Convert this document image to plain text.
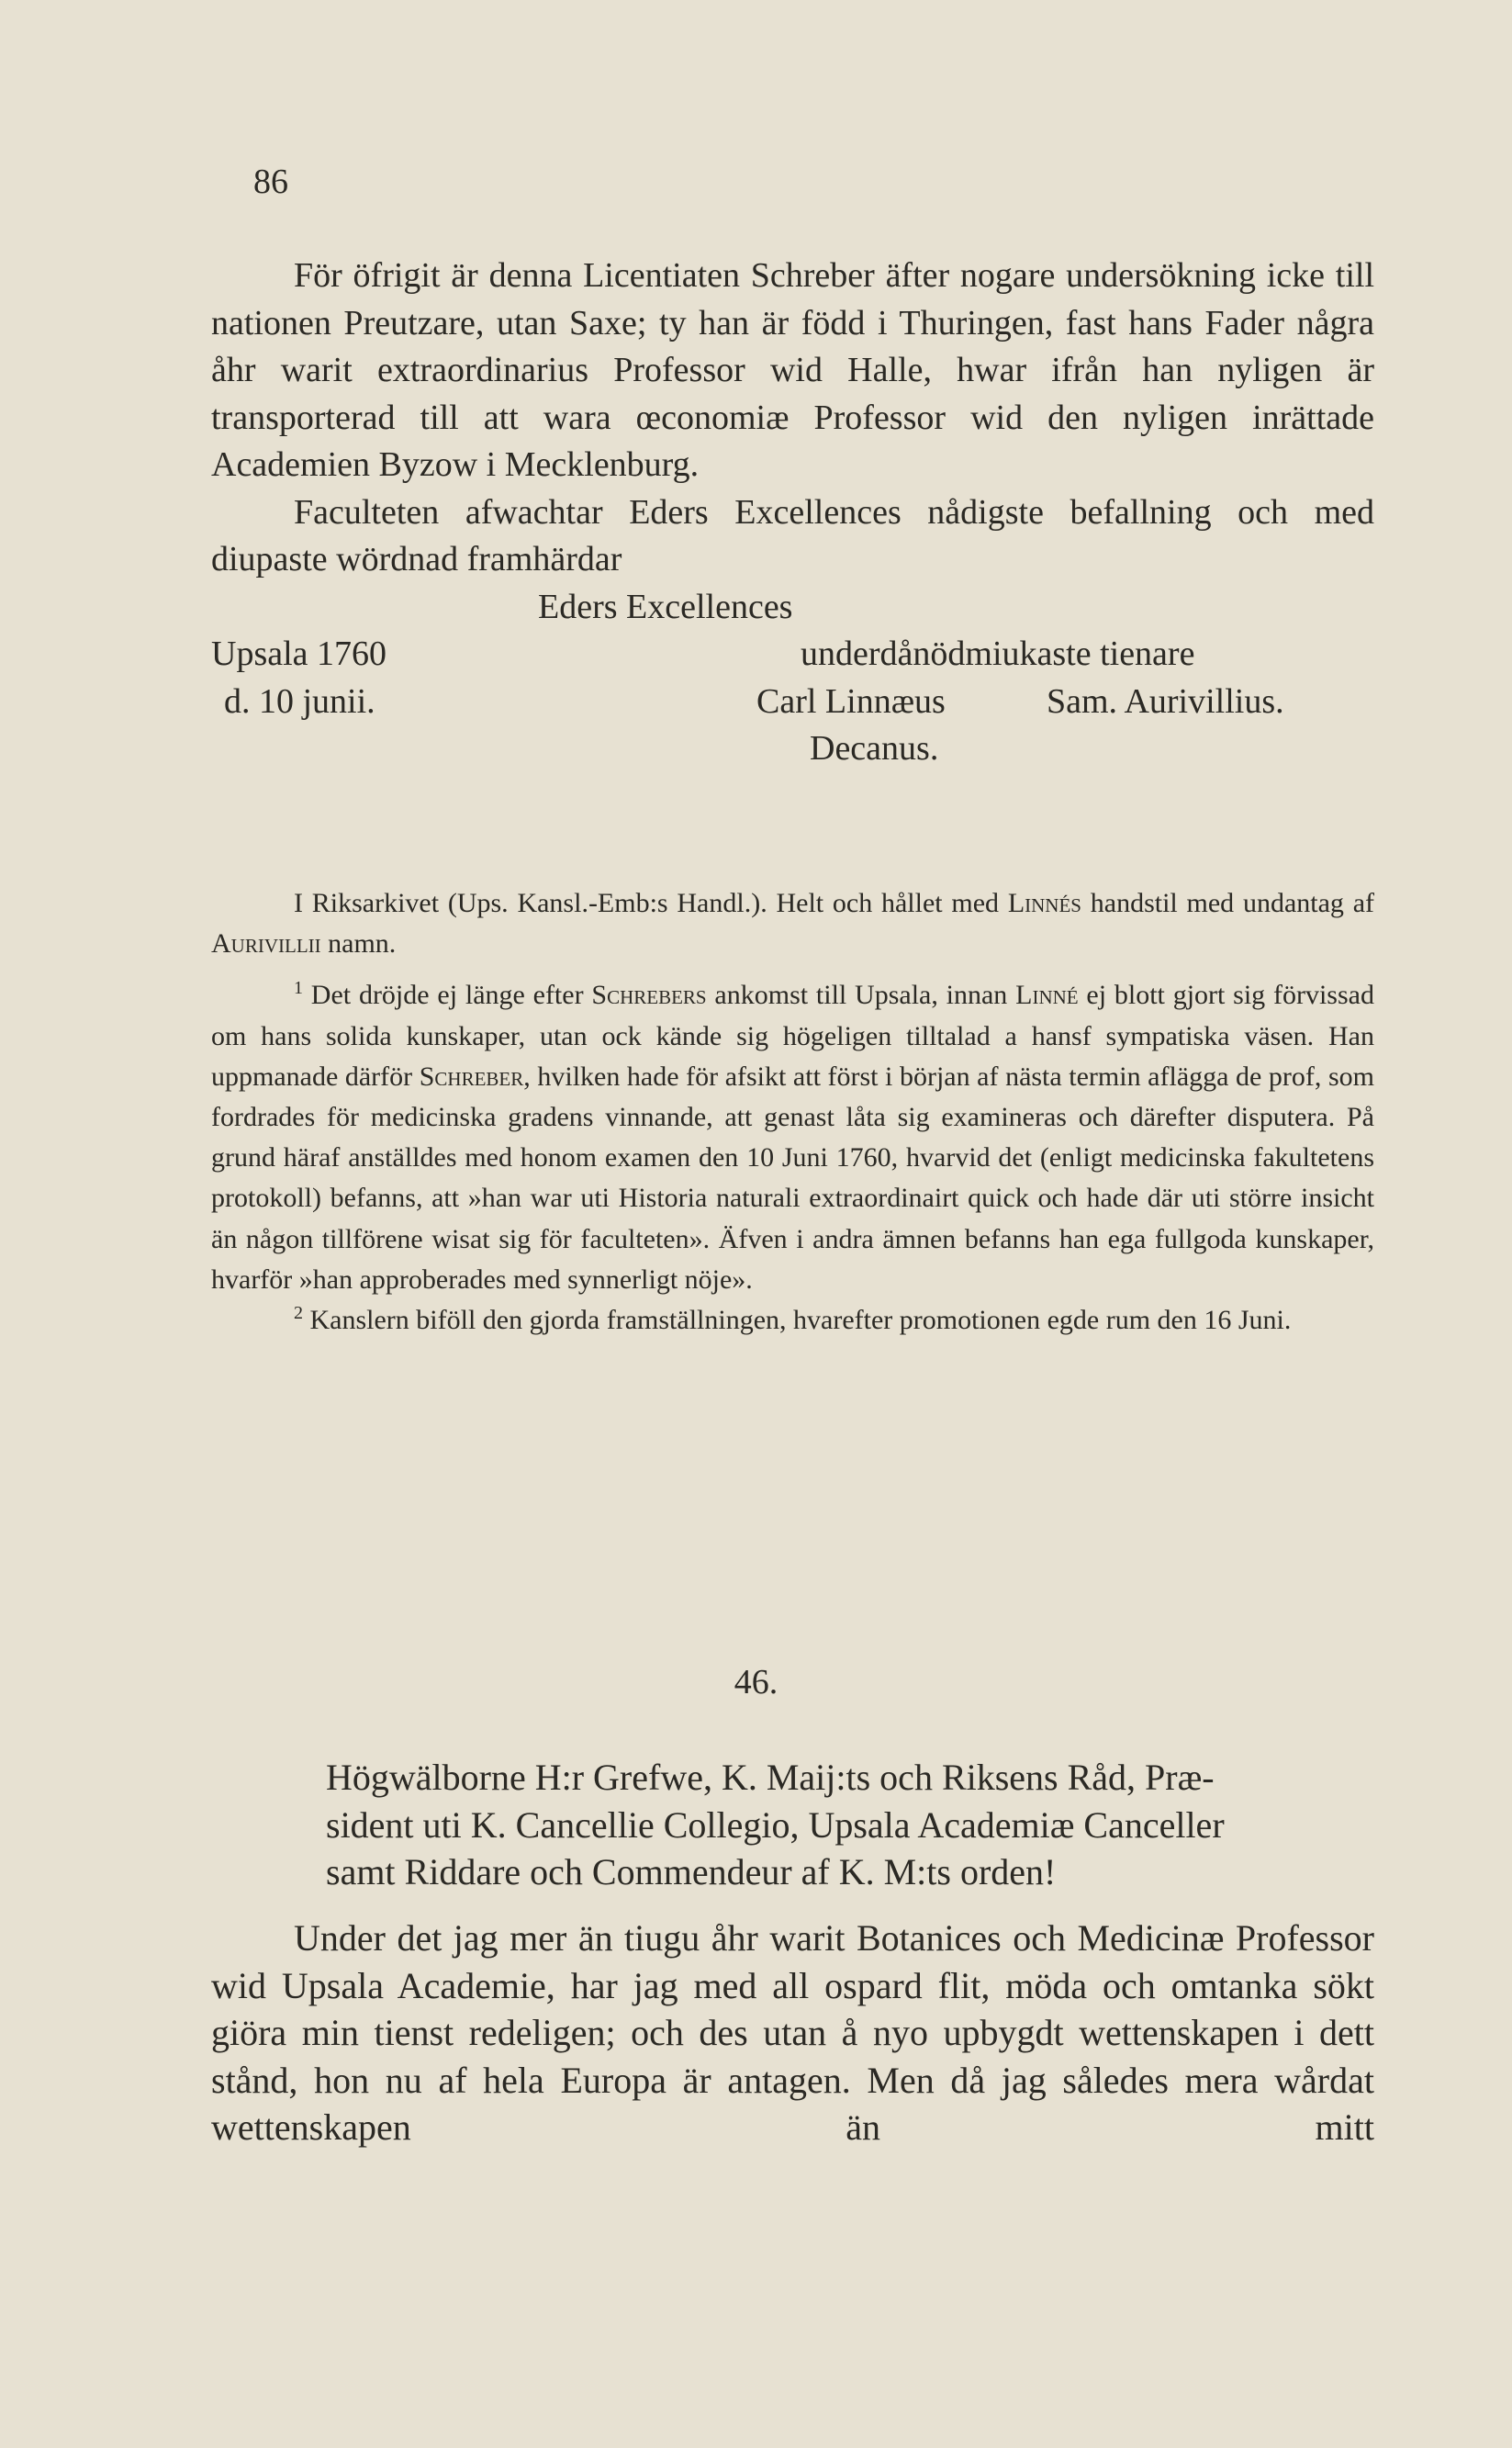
86

För öfrigit är denna Licentiaten Schreber äfter nogare undersökning icke till nationen Preutzare, utan Saxe; ty han är född i Thuringen, fast hans Fader några åhr warit extraordinarius Professor wid Halle, hwar ifrån han nyligen är transporterad till att wara œconomiæ Professor wid den nyligen inrättade Academien Byzow i Mecklenburg.

Faculteten afwachtar Eders Excellences nådigste befallning och med diupaste wördnad framhärdar

Eders Excellences
Upsala 1760	underdånödmiukaste tienare
d. 10 junii.	Carl Linnæus	Sam. Aurivillius.
Decanus.

I Riksarkivet (Ups. Kansl.-Emb:s Handl.). Helt och hållet med Linnés handstil med undantag af Aurivillii namn.

$^1$ Det dröjde ej länge efter Schrebers ankomst till Upsala, innan Linné ej blott gjort sig förvissad om hans solida kunskaper, utan ock kände sig högeligen tilltalad a hansf sympatiska väsen. Han uppmanade därför Schreber, hvilken hade för afsikt att först i början af nästa termin aflägga de prof, som fordrades för medicinska gradens vinnande, att genast låta sig examineras och därefter disputera. På grund häraf anställdes med honom examen den 10 Juni 1760, hvarvid det (enligt medicinska fakultetens protokoll) befanns, att »han war uti Historia naturali extraordinairt quick och hade där uti större insicht än någon tillförene wisat sig för faculteten». Äfven i andra ämnen befanns han ega fullgoda kunskaper, hvarför »han approberades med synnerligt nöje».

$^2$ Kanslern biföll den gjorda framställningen, hvarefter promotionen egde rum den 16 Juni.

46.

Högwälborne H:r Grefwe, K. Maij:ts och Riksens Råd, Præ-

sident uti K. Cancellie Collegio, Upsala Academiæ Canceller

samt Riddare och Commendeur af K. M:ts orden!

Under det jag mer än tiugu åhr warit Botanices och Medicinæ Professor wid Upsala Academie, har jag med all ospard flit, möda och omtanka sökt giöra min tienst redeligen; och des utan å nyo upbygdt wettenskapen i dett stånd, hon nu af hela Europa är antagen. Men då jag således mera wårdat wettenskapen än mitt
